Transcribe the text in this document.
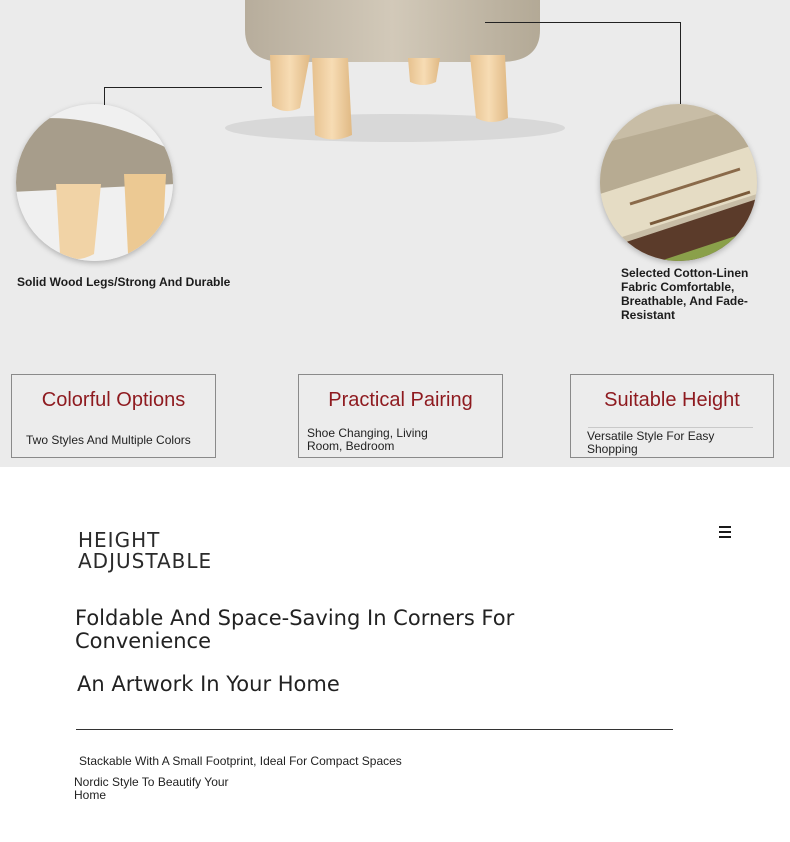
Solid Wood Legs/Strong And Durable
Selected Cotton-Linen Fabric Comfortable, Breathable, And Fade-Resistant
Colorful Options
Two Styles And Multiple Colors
Practical Pairing
Shoe Changing, Living Room, Bedroom
Suitable Height
Versatile Style For Easy Shopping
HEIGHT ADJUSTABLE
Foldable And Space-Saving In Corners For Convenience
An Artwork In Your Home
Stackable With A Small Footprint, Ideal For Compact Spaces
Nordic Style To Beautify Your Home
